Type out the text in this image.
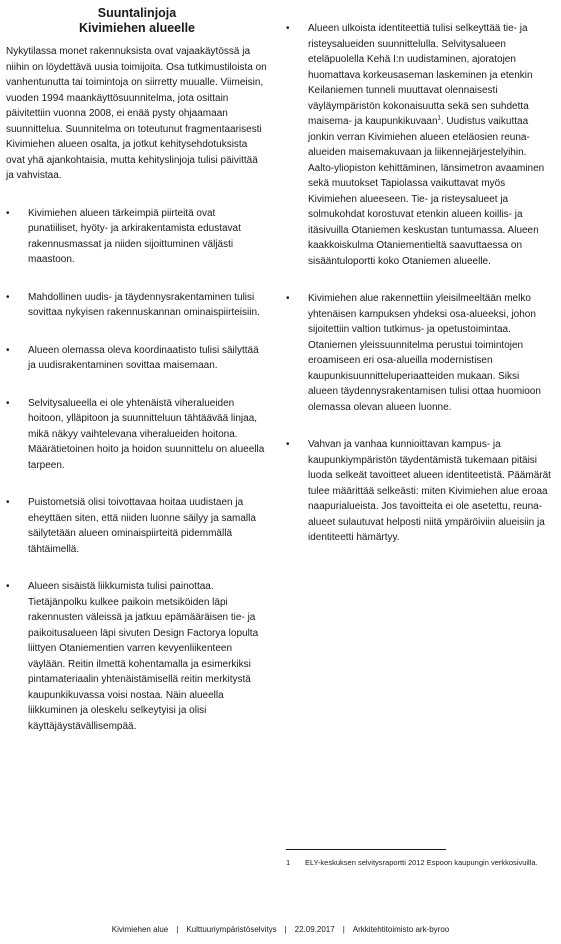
Suuntalinjoja
Kivimiehen alueelle

Nykytilassa monet rakennuksista ovat vajaakäytössä ja niihin on löydettävä uusia toimijoita. Osa tutkimustiloista on vanhentunutta tai toimintoja on siirretty muualle. Viimeisin, vuoden 1994 maankäyttösuunnitelma, jota osittain päivitettiin vuonna 2008, ei enää pysty ohjaamaan suunnittelua. Suunnitelma on toteutunut fragmentaarisesti Kivimiehen alueen osalta, ja jotkut kehitysehdotuksista ovat yhä ajankohtaisia, mutta kehityslinjoja tulisi päivittää ja vahvistaa.

• Kivimiehen alueen tärkeimpiä piirteitä ovat punatiiliset, hyöty- ja arkirakentamista edustavat rakennusmassat ja niiden sijoittuminen väljästi maastoon.
• Mahdollinen uudis- ja täydennysrakentaminen tulisi sovittaa nykyisen rakennuskannan ominaispiirteisiin.
• Alueen olemassa oleva koordinaatisto tulisi säilyttää ja uudisrakentaminen sovittaa maisemaan.
• Selvitysalueella ei ole yhtenäistä viheralueiden hoitoon, ylläpitoon ja suunnitteluun tähtäävää linjaa, mikä näkyy vaihtelevana viheralueiden hoitona. Määrätietoinen hoito ja hoidon suunnittelu on alueella tarpeen.
• Puistometsiä olisi toivottavaa hoitaa uudistaen ja eheyttäen siten, että niiden luonne säilyy ja samalla säilytetään alueen ominaispiirteitä pidemmällä tähtäimellä.
• Alueen sisäistä liikkumista tulisi painottaa. Tietäjänpolku kulkee paikoin metsiköiden läpi rakennusten väleissä ja jatkuu epämääräisen tie- ja paikoitusalueen läpi sivuten Design Factorya lopulta liittyen Otaniementien varren kevyenliikenteen väylään. Reitin ilmettä kohentamalla ja esimerkiksi pintamateriaalin yhtenäistämisellä reitin merkitystä kaupunkikuvassa voisi nostaa. Näin alueella liikkuminen ja oleskelu selkeytyisi ja olisi käyttäjäystävällisempää.
• Alueen ulkoista identiteettiä tulisi selkeyttää tie- ja risteysalueiden suunnittelulla. Selvitysalueen eteläpuolella Kehä I:n uudistaminen, ajoratojen huomattava korkeusaseman laskeminen ja etenkin Keilaniemen tunneli muuttavat olennaisesti väyläympäristön kokonaisuutta sekä sen suhdetta maisema- ja kaupunkikuvaan$^1$. Uudistus vaikuttaa jonkin verran Kivimiehen alueen eteläosien reuna-alueiden maisemakuvaan ja liikennejärjestelyihin. Aalto-yliopiston kehittäminen, länsimetron avaaminen sekä muutokset Tapiolassa vaikuttavat myös Kivimiehen alueeseen. Tie- ja risteysalueet ja solmukohdat korostuvat etenkin alueen koillis- ja itäsivuilla Otaniemen keskustan tuntumassa. Alueen kaakkoiskulma Otaniementieltä saavuttaessa on sisääntuloportti koko Otaniemen alueelle.
• Kivimiehen alue rakennettiin yleisilmeeltään melko yhtenäisen kampuksen yhdeksi osa-alueeksi, johon sijoitettiin valtion tutkimus- ja opetustoimintaa. Otaniemen yleissuunnitelma perustui toimintojen eroamiseen eri osa-alueilla modernistisen kaupunkisuunnitteluperiaatteiden mukaan. Siksi alueen täydennysrakentamisen tulisi ottaa huomioon olemassa olevan alueen luonne.
• Vahvan ja vanhaa kunnioittavan kampus- ja kaupunkiympäristön täydentämistä tukemaan pitäisi luoda selkeät tavoitteet alueen identiteetistä. Päämärät tulee määrittää selkeästi: miten Kivimiehen alue eroaa naapurialueista. Jos tavoitteita ei ole asetettu, reuna-alueet sulautuvat helposti niitä ympäröiviin alueisiin ja identiteetti hämärtyy.
1 ELY-keskuksen selvitysraportti 2012 Espoon kaupungin verkkosivuilla.
Kivimiehen alue | Kulttuuriympäristöselvitys | 22.09.2017 | Arkkitehtitoimisto ark-byroo
